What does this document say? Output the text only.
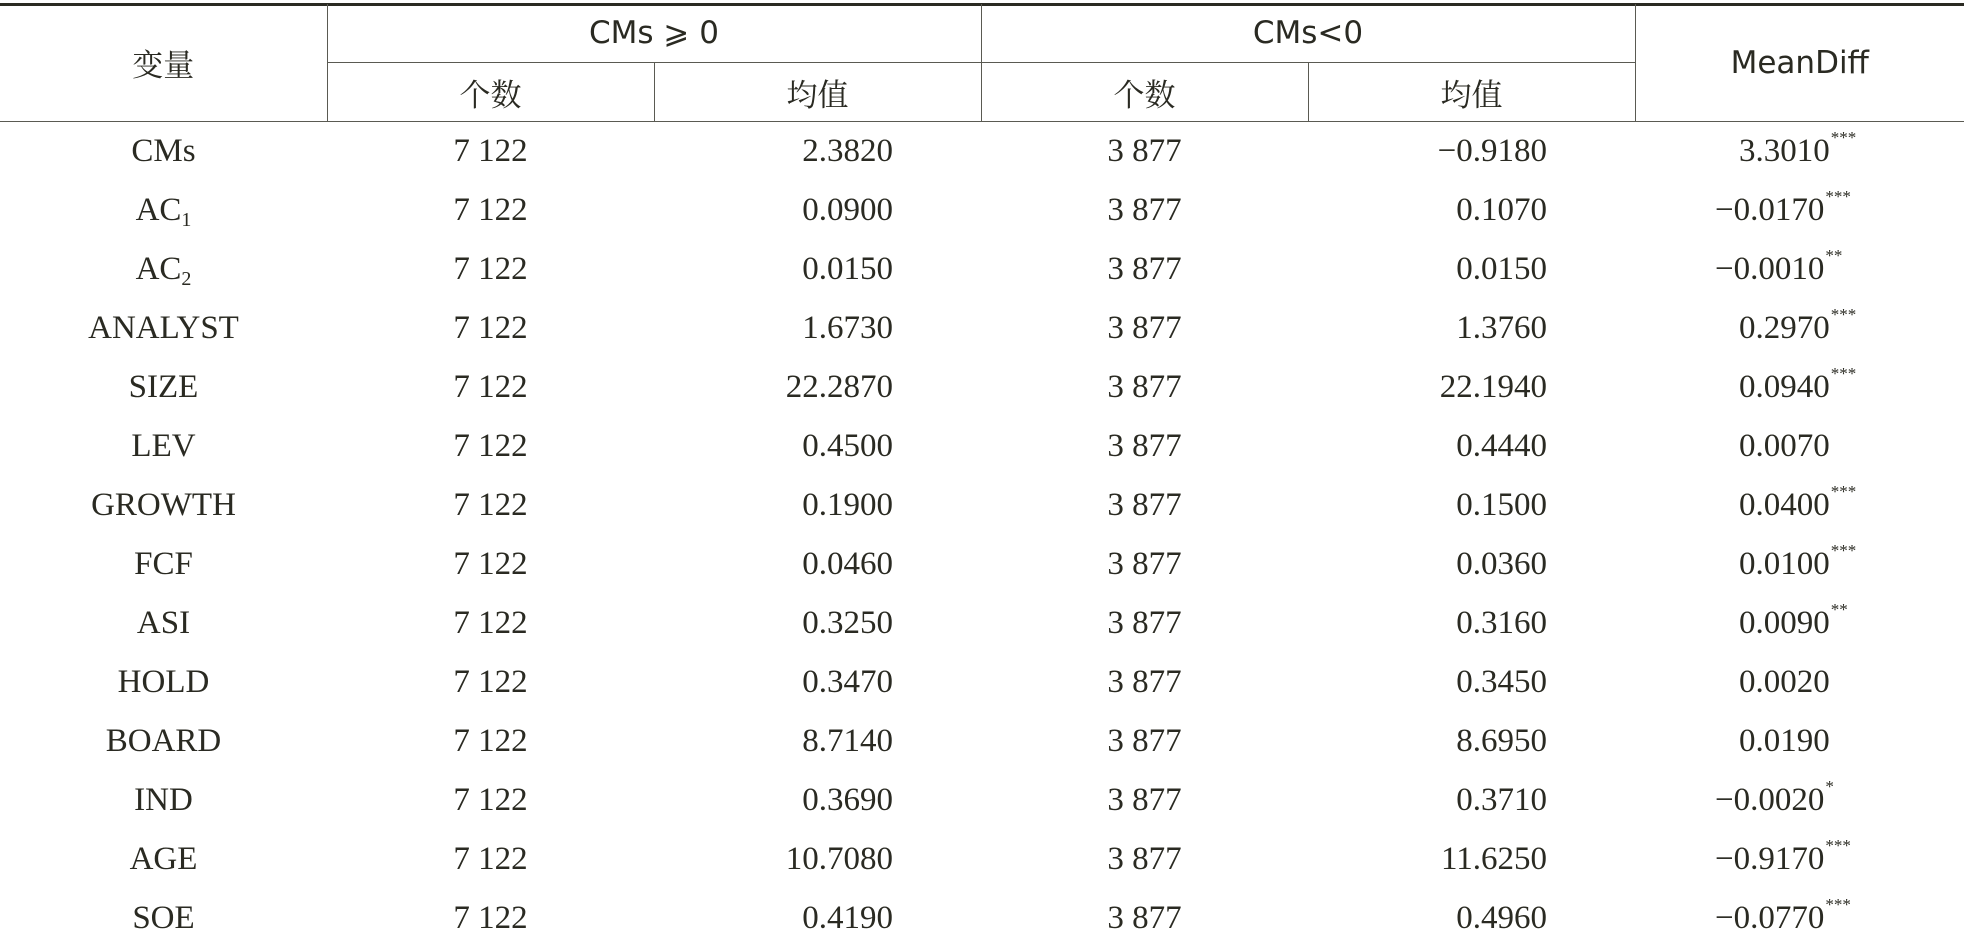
变量	CMs ⩾ 0		CMs<0		MeanDiff
	个数	均值	个数	均值	
CMs	7 122	2.3820	3 877	−0.9180	3.3010***
$AC_1$	7 122	0.0900	3 877	0.1070	−0.0170***
$AC_2$	7 122	0.0150	3 877	0.0150	−0.0010**
ANALYST	7 122	1.6730	3 877	1.3760	0.2970***
SIZE	7 122	22.2870	3 877	22.1940	0.0940***
LEV	7 122	0.4500	3 877	0.4440	0.0070
GROWTH	7 122	0.1900	3 877	0.1500	0.0400***
FCF	7 122	0.0460	3 877	0.0360	0.0100***
ASI	7 122	0.3250	3 877	0.3160	0.0090**
HOLD	7 122	0.3470	3 877	0.3450	0.0020
BOARD	7 122	8.7140	3 877	8.6950	0.0190
IND	7 122	0.3690	3 877	0.3710	−0.0020*
AGE	7 122	10.7080	3 877	11.6250	−0.9170***
SOE	7 122	0.4190	3 877	0.4960	−0.0770***
